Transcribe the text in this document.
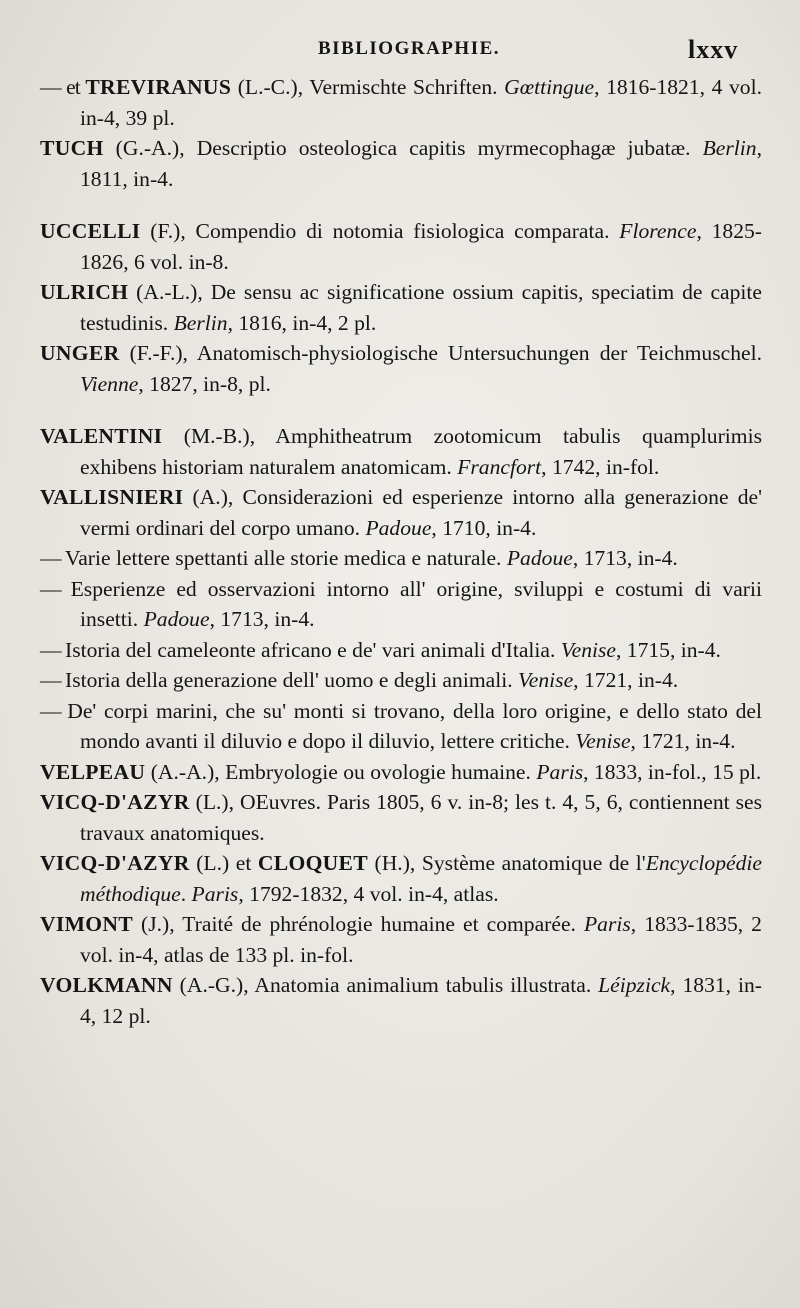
BIBLIOGRAPHIE.	lxxv

— et TREVIRANUS (L.-C.), Vermischte Schriften. Gœttingue, 1816-1821, 4 vol. in-4, 39 pl.

TUCH (G.-A.), Descriptio osteologica capitis myrmecophagæ jubatæ. Berlin, 1811, in-4.

UCCELLI (F.), Compendio di notomia fisiologica comparata. Florence, 1825-1826, 6 vol. in-8.

ULRICH (A.-L.), De sensu ac significatione ossium capitis, speciatim de capite testudinis. Berlin, 1816, in-4, 2 pl.

UNGER (F.-F.), Anatomisch-physiologische Untersuchungen der Teichmuschel. Vienne, 1827, in-8, pl.

VALENTINI (M.-B.), Amphitheatrum zootomicum tabulis quamplurimis exhibens historiam naturalem anatomicam. Francfort, 1742, in-fol.

VALLISNIERI (A.), Considerazioni ed esperienze intorno alla generazione de' vermi ordinari del corpo umano. Padoue, 1710, in-4.

— Varie lettere spettanti alle storie medica e naturale. Padoue, 1713, in-4.

— Esperienze ed osservazioni intorno all' origine, sviluppi e costumi di varii insetti. Padoue, 1713, in-4.

— Istoria del cameleonte africano e de' vari animali d'Italia. Venise, 1715, in-4.

— Istoria della generazione dell' uomo e degli animali. Venise, 1721, in-4.

— De' corpi marini, che su' monti si trovano, della loro origine, e dello stato del mondo avanti il diluvio e dopo il diluvio, lettere critiche. Venise, 1721, in-4.

VELPEAU (A.-A.), Embryologie ou ovologie humaine. Paris, 1833, in-fol., 15 pl.

VICQ-D'AZYR (L.), OEuvres. Paris 1805, 6 v. in-8; les t. 4, 5, 6, contiennent ses travaux anatomiques.

VICQ-D'AZYR (L.) et CLOQUET (H.), Système anatomique de l'Encyclopédie méthodique. Paris, 1792-1832, 4 vol. in-4, atlas.

VIMONT (J.), Traité de phrénologie humaine et comparée. Paris, 1833-1835, 2 vol. in-4, atlas de 133 pl. in-fol.

VOLKMANN (A.-G.), Anatomia animalium tabulis illustrata. Léipzick, 1831, in-4, 12 pl.
